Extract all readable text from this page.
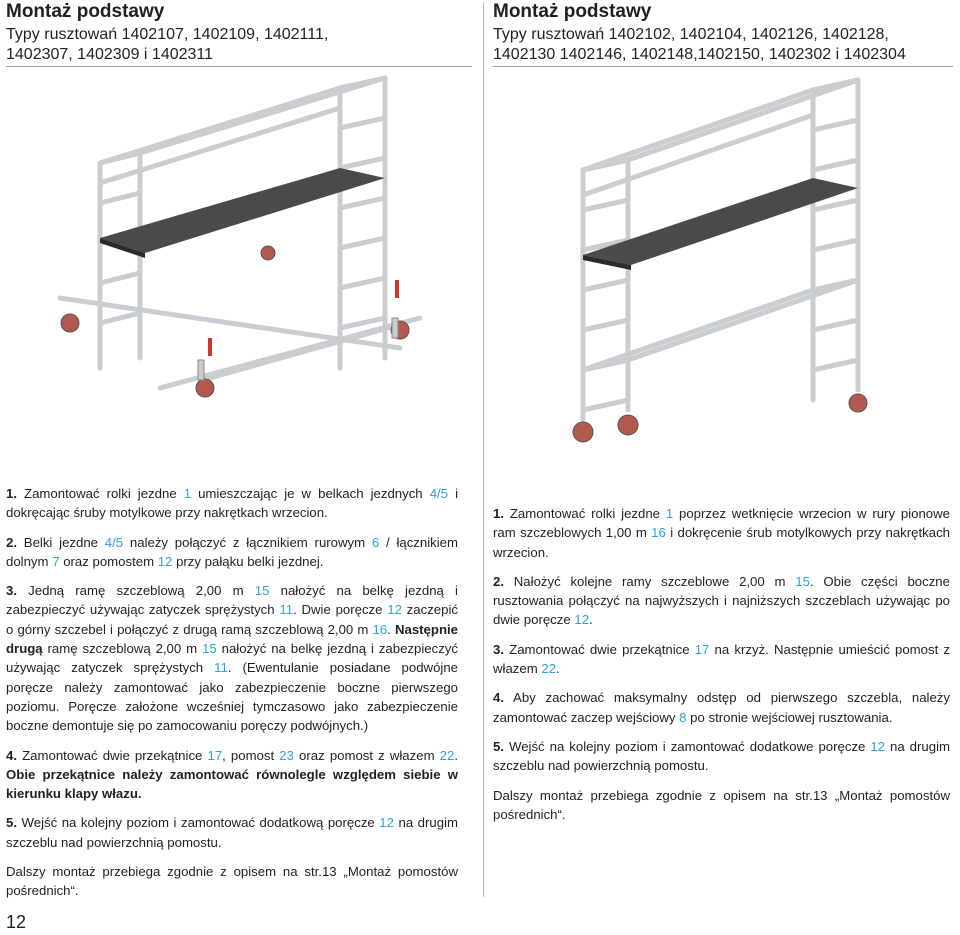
Montaż podstawy
Typy rusztowań 1402107, 1402109, 1402111,
1402307, 1402309 i 1402311

1. Zamontować rolki jezdne 1 umieszczając je w belkach jezdnych 4/5 i dokręcając śruby motylkowe przy nakrętkach wrzecion.

2. Belki jezdne 4/5 należy połączyć z łącznikiem rurowym 6 / łącznikiem dolnym 7 oraz pomostem 12 przy pałąku belki jezdnej.

3. Jedną ramę szczeblową 2,00 m 15 nałożyć na belkę jezdną i zabezpieczyć używając zatyczek sprężystych 11. Dwie poręcze 12 zaczepić o górny szczebel i połączyć z drugą ramą szczeblową 2,00 m 16. Następnie drugą ramę szczeblową 2,00 m 15 nałożyć na belkę jezdną i zabezpieczyć używając zatyczek sprężystych 11. (Ewentulanie posiadane podwójne poręcze należy zamontować jako zabezpieczenie boczne pierwszego poziomu. Poręcze założone wcześniej tymczasowo jako zabezpieczenie boczne demontuje się po zamocowaniu poręczy podwójnych.)

4. Zamontować dwie przekątnice 17, pomost 23 oraz pomost z włazem 22. Obie przekątnice należy zamontować równolegle względem siebie w kierunku klapy włazu.

5. Wejść na kolejny poziom i zamontować dodatkową poręcze 12 na drugim szczeblu nad powierzchnią pomostu.

Dalszy montaż przebiega zgodnie z opisem na str.13 „Montaż pomostów pośrednich“.

Montaż podstawy
Typy rusztowań 1402102, 1402104, 1402126, 1402128,
1402130 1402146, 1402148,1402150, 1402302 i 1402304

1. Zamontować rolki jezdne 1 poprzez wetknięcie wrzecion w rury pionowe ram szczeblowych 1,00 m 16 i dokręcenie śrub motylkowych przy nakrętkach wrzecion.

2. Nałożyć kolejne ramy szczeblowe 2,00 m 15. Obie części boczne rusztowania połączyć na najwyższych i najniższych szczeblach używając po dwie poręcze 12.

3. Zamontować dwie przekątnice 17 na krzyż. Następnie umieścić pomost z włazem 22.

4. Aby zachować maksymalny odstęp od pierwszego szczebla, należy zamontować zaczep wejściowy 8 po stronie wejściowej rusztowania.

5. Wejść na kolejny poziom i zamontować dodatkowe poręcze 12 na drugim szczeblu nad powierzchnią pomostu.

Dalszy montaż przebiega zgodnie z opisem na str.13 „Montaż pomostów pośrednich“.

12
